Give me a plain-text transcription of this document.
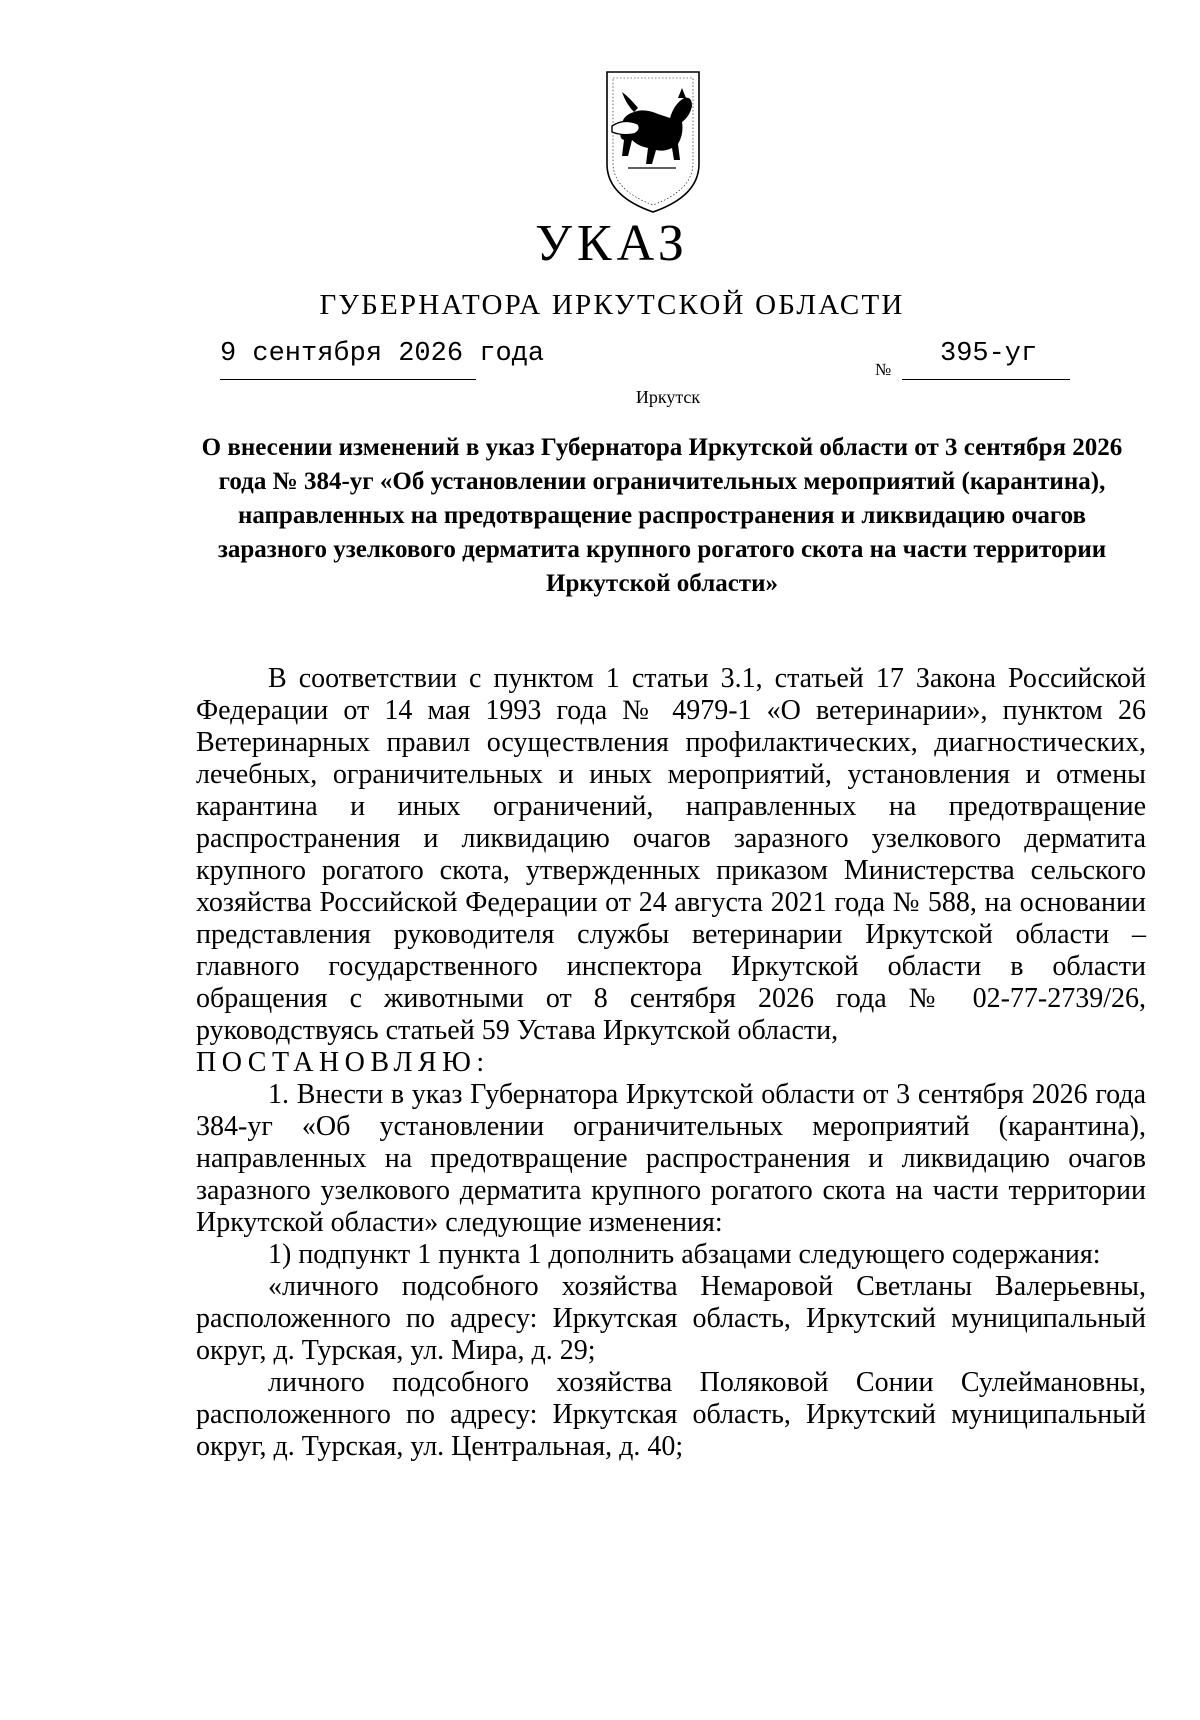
УКАЗ
ГУБЕРНАТОРА ИРКУТСКОЙ ОБЛАСТИ
9 сентября 2026 года
№
395-уг
Иркутск
О внесении изменений в указ Губернатора Иркутской области от 3 сентября 2026 года № 384-уг «Об установлении ограничительных мероприятий (карантина), направленных на предотвращение распространения и ликвидацию очагов заразного узелкового дерматита крупного рогатого скота на части территории Иркутской области»

В соответствии с пунктом 1 статьи 3.1, статьей 17 Закона Российской Федерации от 14 мая 1993 года № 4979-1 «О ветеринарии», пунктом 26 Ветеринарных правил осуществления профилактических, диагностических, лечебных, ограничительных и иных мероприятий, установления и отмены карантина и иных ограничений, направленных на предотвращение распространения и ликвидацию очагов заразного узелкового дерматита крупного рогатого скота, утвержденных приказом Министерства сельского хозяйства Российской Федерации от 24 августа 2021 года № 588, на основании представления руководителя службы ветеринарии Иркутской области – главного государственного инспектора Иркутской области в области обращения с животными от 8 сентября 2026 года № 02-77-2739/26, руководствуясь статьей 59 Устава Иркутской области,

ПОСТАНОВЛЯЮ:

1. Внести в указ Губернатора Иркутской области от 3 сентября 2026 года 384-уг «Об установлении ограничительных мероприятий (карантина), направленных на предотвращение распространения и ликвидацию очагов заразного узелкового дерматита крупного рогатого скота на части территории Иркутской области» следующие изменения:

1) подпункт 1 пункта 1 дополнить абзацами следующего содержания:

«личного подсобного хозяйства Немаровой Светланы Валерьевны, расположенного по адресу: Иркутская область, Иркутский муниципальный округ, д. Турская, ул. Мира, д. 29;

личного подсобного хозяйства Поляковой Сонии Сулеймановны, расположенного по адресу: Иркутская область, Иркутский муниципальный округ, д. Турская, ул. Центральная, д. 40;
